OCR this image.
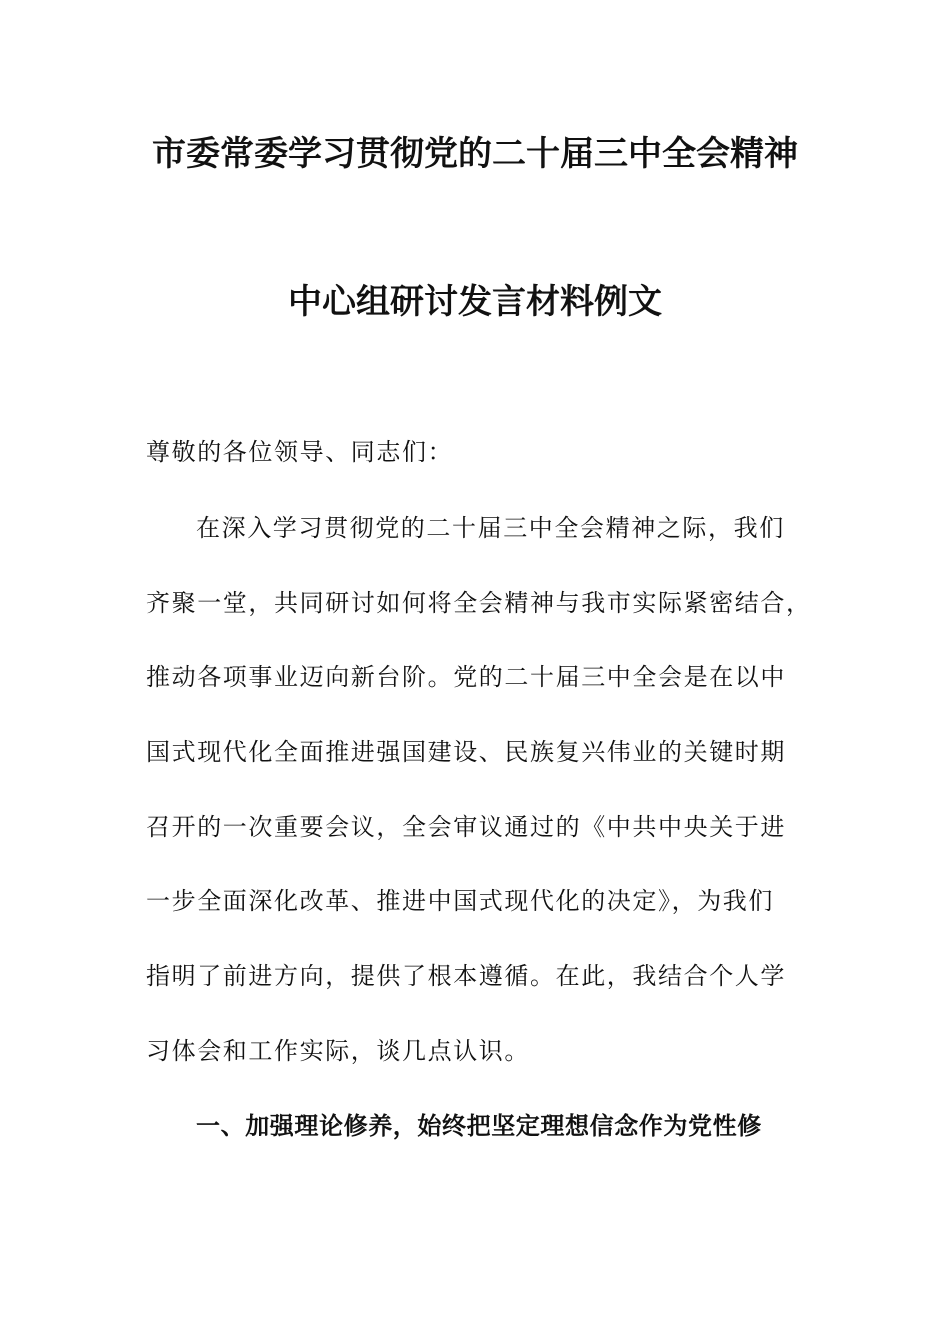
市委常委学习贯彻党的二十届三中全会精神
中心组研讨发言材料例文
尊敬的各位领导、同志们：
在深入学习贯彻党的二十届三中全会精神之际，我们
齐聚一堂，共同研讨如何将全会精神与我市实际紧密结合，
推动各项事业迈向新台阶。党的二十届三中全会是在以中
国式现代化全面推进强国建设、民族复兴伟业的关键时期
召开的一次重要会议，全会审议通过的《中共中央关于进
一步全面深化改革、推进中国式现代化的决定》，为我们
指明了前进方向，提供了根本遵循。在此，我结合个人学
习体会和工作实际，谈几点认识。
一、加强理论修养，始终把坚定理想信念作为党性修
